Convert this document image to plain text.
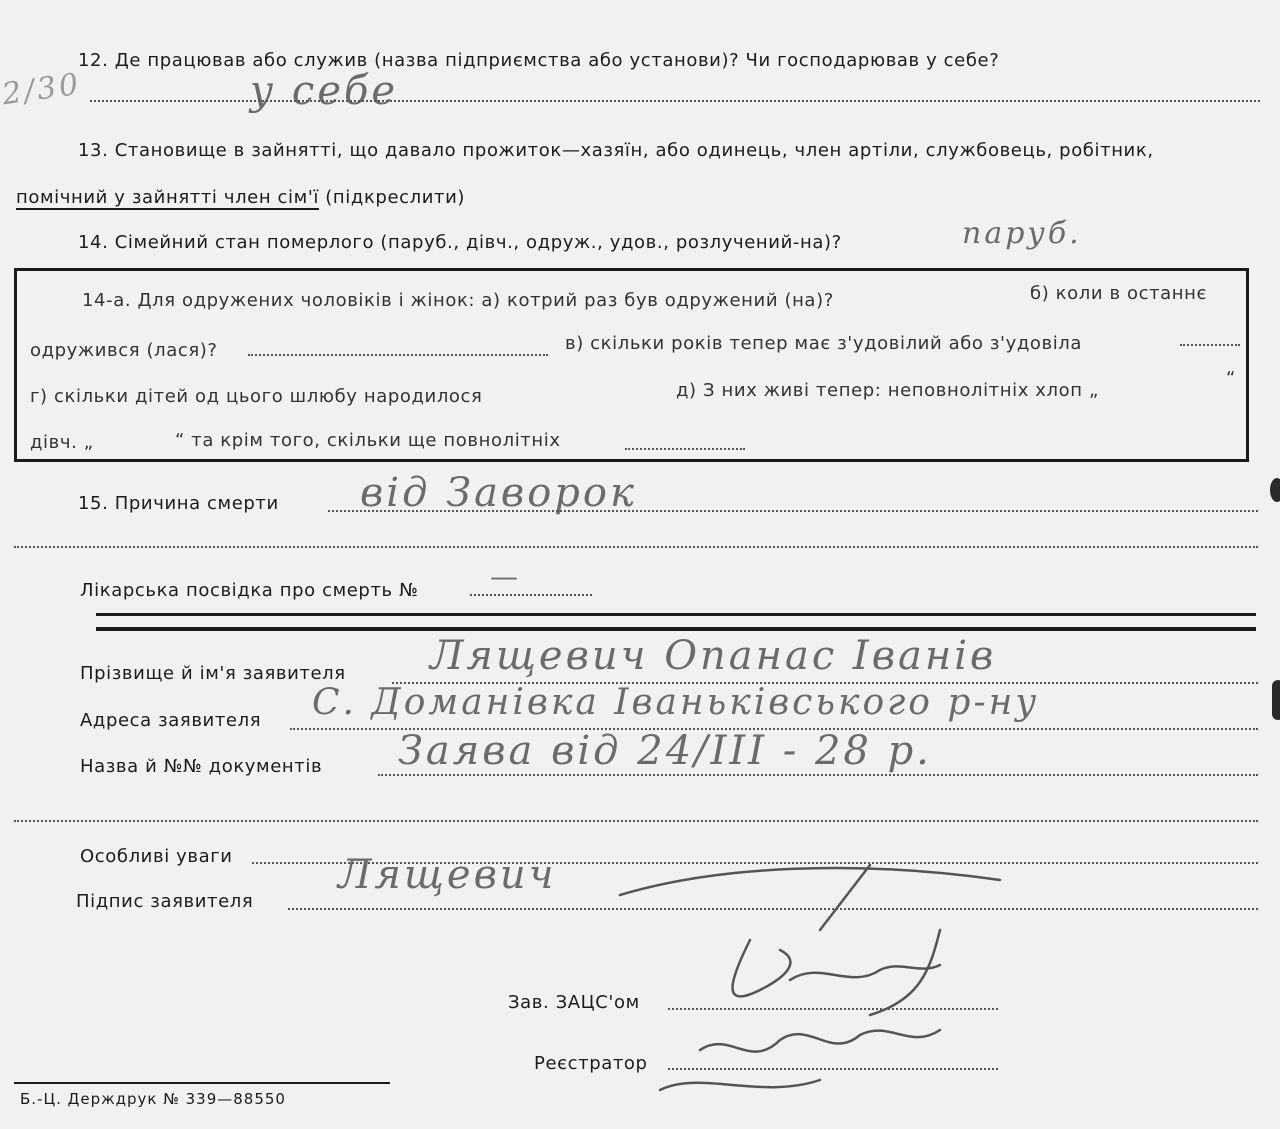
12. Де працював або служив (назва підприємства або установи)? Чи господарював у себе?
2/30	у себе
13. Становище в зайнятті, що давало прожиток—хазяїн, або одинець, член артіли, службовець, робітник,
помічний у зайнятті член сім'ї (підкреслити)
14. Сімейний стан померлого (паруб., дівч., одруж., удов., розлучений-на)?	паруб.
14-а. Для одружених чоловіків і жінок: а) котрий раз був одружений (на)?	б) коли в останнє
одружився (лася)?	в) скільки років тепер має з'удовілий або з'удовіла
г) скільки дітей од цього шлюбу народилося	д) З них живі тепер: неповнолітніх хлоп „
“
дівч. „	“ та крім того, скільки ще повнолітніх
15. Причина смерти від Заворок
Лікарська посвідка про смерть №	—
Прізвище й ім'я заявителя Лящевич Опанас Іванів
Адреса заявителя С. Доманівка Іваньківського р-ну
Назва й №№ документів Заява від 24/ІІІ - 28 р.
Особливі уваги
Підпис заявителя
Лящевич
Зав. ЗАЦС'ом
Реєстратор
Б.-Ц. Держдрук № 339—88550
